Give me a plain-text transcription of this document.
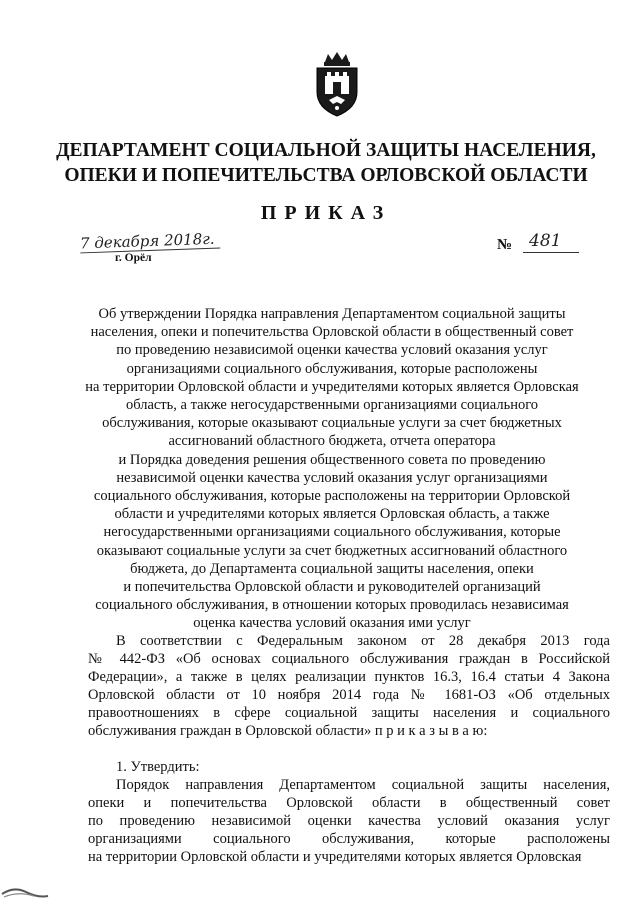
ДЕПАРТАМЕНТ СОЦИАЛЬНОЙ ЗАЩИТЫ НАСЕЛЕНИЯ,
ОПЕКИ И ПОПЕЧИТЕЛЬСТВА ОРЛОВСКОЙ ОБЛАСТИ
ПРИКАЗ
7 декабря 2018г.
г. Орёл
№ 481
Об утверждении Порядка направления Департаментом социальной защиты
населения, опеки и попечительства Орловской области в общественный совет
по проведению независимой оценки качества условий оказания услуг
организациями социального обслуживания, которые расположены
на территории Орловской области и учредителями которых является Орловская
область, а также негосударственными организациями социального
обслуживания, которые оказывают социальные услуги за счет бюджетных
ассигнований областного бюджета, отчета оператора
и Порядка доведения решения общественного совета по проведению
независимой оценки качества условий оказания услуг организациями
социального обслуживания, которые расположены на территории Орловской
области и учредителями которых является Орловская область, а также
негосударственными организациями социального обслуживания, которые
оказывают социальные услуги за счет бюджетных ассигнований областного
бюджета, до Департамента социальной защиты населения, опеки
и попечительства Орловской области и руководителей организаций
социального обслуживания, в отношении которых проводилась независимая
оценка качества условий оказания ими услуг
В соответствии с Федеральным законом от 28 декабря 2013 года
№ 442-ФЗ «Об основах социального обслуживания граждан в Российской
Федерации», а также в целях реализации пунктов 16.3, 16.4 статьи 4 Закона
Орловской области от 10 ноября 2014 года № 1681-ОЗ «Об отдельных
правоотношениях в сфере социальной защиты населения и социального
обслуживания граждан в Орловской области» п р и к а з ы в а ю:
1. Утвердить:
Порядок направления Департаментом социальной защиты населения,
опеки и попечительства Орловской области в общественный совет
по проведению независимой оценки качества условий оказания услуг
организациями социального обслуживания, которые расположены
на территории Орловской области и учредителями которых является Орловская
